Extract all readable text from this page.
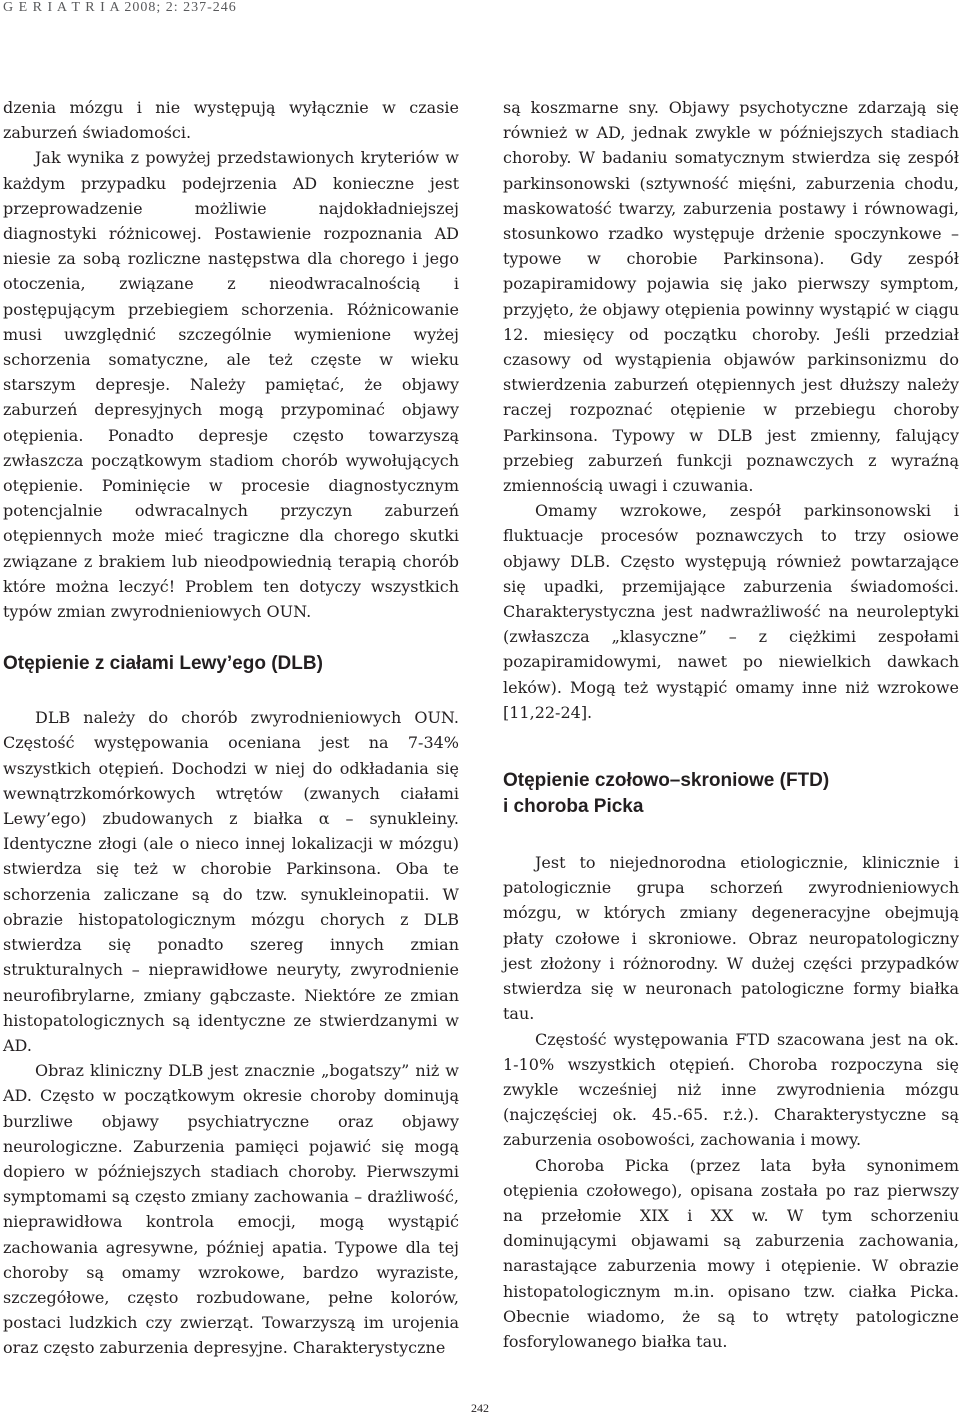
G E R I A T R I A 2008; 2: 237-246

dzenia mózgu i nie występują wyłącznie w czasie zaburzeń świadomości.

Jak wynika z powyżej przedstawionych kryteriów w każdym przypadku podejrzenia AD konieczne jest przeprowadzenie możliwie najdokładniejszej diagnostyki różnicowej. Postawienie rozpoznania AD niesie za sobą rozliczne następstwa dla chorego i jego otoczenia, związane z nieodwracalnością i postępującym przebiegiem schorzenia. Różnicowanie musi uwzględnić szczególnie wymienione wyżej schorzenia somatyczne, ale też częste w wieku starszym depresje. Należy pamiętać, że objawy zaburzeń depresyjnych mogą przypominać objawy otępienia. Ponadto depresje często towarzyszą zwłaszcza początkowym stadiom chorób wywołujących otępienie. Pominięcie w procesie diagnostycznym potencjalnie odwracalnych przyczyn zaburzeń otępiennych może mieć tragiczne dla chorego skutki związane z brakiem lub nieodpowiednią terapią chorób które można leczyć! Problem ten dotyczy wszystkich typów zmian zwyrodnieniowych OUN.

Otępienie z ciałami Lewy’ego (DLB)

DLB należy do chorób zwyrodnieniowych OUN. Częstość występowania oceniana jest na 7-34% wszystkich otępień. Dochodzi w niej do odkładania się wewnątrzkomórkowych wtrętów (zwanych ciałami Lewy’ego) zbudowanych z białka α – synukleiny. Identyczne złogi (ale o nieco innej lokalizacji w mózgu) stwierdza się też w chorobie Parkinsona. Oba te schorzenia zaliczane są do tzw. synukleinopatii. W obrazie histopatologicznym mózgu chorych z DLB stwierdza się ponadto szereg innych zmian strukturalnych – nieprawidłowe neuryty, zwyrodnienie neurofibrylarne, zmiany gąbczaste. Niektóre ze zmian histopatologicznych są identyczne ze stwierdzanymi w AD.

Obraz kliniczny DLB jest znacznie „bogatszy” niż w AD. Często w początkowym okresie choroby dominują burzliwe objawy psychiatryczne oraz objawy neurologiczne. Zaburzenia pamięci pojawić się mogą dopiero w późniejszych stadiach choroby. Pierwszymi symptomami są często zmiany zachowania – drażliwość, nieprawidłowa kontrola emocji, mogą wystąpić zachowania agresywne, później apatia. Typowe dla tej choroby są omamy wzrokowe, bardzo wyraziste, szczegółowe, często rozbudowane, pełne kolorów, postaci ludzkich czy zwierząt. Towarzyszą im urojenia oraz często zaburzenia depresyjne. Charakterystyczne

są koszmarne sny. Objawy psychotyczne zdarzają się również w AD, jednak zwykle w późniejszych stadiach choroby. W badaniu somatycznym stwierdza się zespół parkinsonowski (sztywność mięśni, zaburzenia chodu, maskowatość twarzy, zaburzenia postawy i równowagi, stosunkowo rzadko występuje drżenie spoczynkowe – typowe w chorobie Parkinsona). Gdy zespół pozapiramidowy pojawia się jako pierwszy symptom, przyjęto, że objawy otępienia powinny wystąpić w ciągu 12. miesięcy od początku choroby. Jeśli przedział czasowy od wystąpienia objawów parkinsonizmu do stwierdzenia zaburzeń otępiennych jest dłuższy należy raczej rozpoznać otępienie w przebiegu choroby Parkinsona. Typowy w DLB jest zmienny, falujący przebieg zaburzeń funkcji poznawczych z wyraźną zmiennością uwagi i czuwania.

Omamy wzrokowe, zespół parkinsonowski i fluktuacje procesów poznawczych to trzy osiowe objawy DLB. Często występują również powtarzające się upadki, przemijające zaburzenia świadomości. Charakterystyczna jest nadwrażliwość na neuroleptyki (zwłaszcza „klasyczne” – z ciężkimi zespołami pozapiramidowymi, nawet po niewielkich dawkach leków). Mogą też wystąpić omamy inne niż wzrokowe [11,22-24].

Otępienie czołowo–skroniowe (FTD)
i choroba Picka

Jest to niejednorodna etiologicznie, klinicznie i patologicznie grupa schorzeń zwyrodnieniowych mózgu, w których zmiany degeneracyjne obejmują płaty czołowe i skroniowe. Obraz neuropatologiczny jest złożony i różnorodny. W dużej części przypadków stwierdza się w neuronach patologiczne formy białka tau.

Częstość występowania FTD szacowana jest na ok. 1-10% wszystkich otępień. Choroba rozpoczyna się zwykle wcześniej niż inne zwyrodnienia mózgu (najczęściej ok. 45.-65. r.ż.). Charakterystyczne są zaburzenia osobowości, zachowania i mowy.

Choroba Picka (przez lata była synonimem otępienia czołowego), opisana została po raz pierwszy na przełomie XIX i XX w. W tym schorzeniu dominującymi objawami są zaburzenia zachowania, narastające zaburzenia mowy i otępienie. W obrazie histopatologicznym m.in. opisano tzw. ciałka Picka. Obecnie wiadomo, że są to wtręty patologiczne fosforylowanego białka tau.

242
